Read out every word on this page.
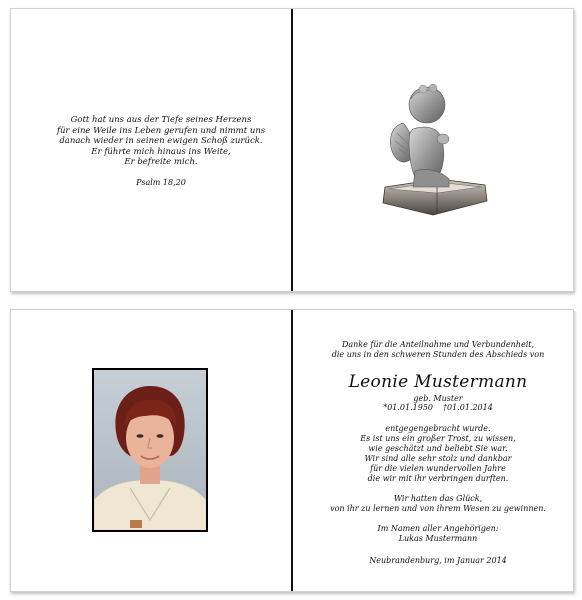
Gott hat uns aus der Tiefe seines Herzens
für eine Weile ins Leben gerufen und nimmt uns
danach wieder in seinen ewigen Schoß zurück.
Er führte mich hinaus ins Weite,
Er befreite mich.
Psalm 18,20
Danke für die Anteilnahme und Verbundenheit,
die uns in den schweren Stunden des Abschieds von
Leonie Mustermann
geb. Muster
*01.01.1950 †01.01.2014
entgegengebracht wurde.
Es ist uns ein großer Trost, zu wissen,
wie geschätzt und beliebt Sie war.
Wir sind alle sehr stolz und dankbar
für die vielen wundervollen Jahre
die wir mit ihr verbringen durften.
Wir hatten das Glück,
von ihr zu lernen und von ihrem Wesen zu gewinnen.
Im Namen aller Angehörigen:
Lukas Mustermann
Neubrandenburg, im Januar 2014
